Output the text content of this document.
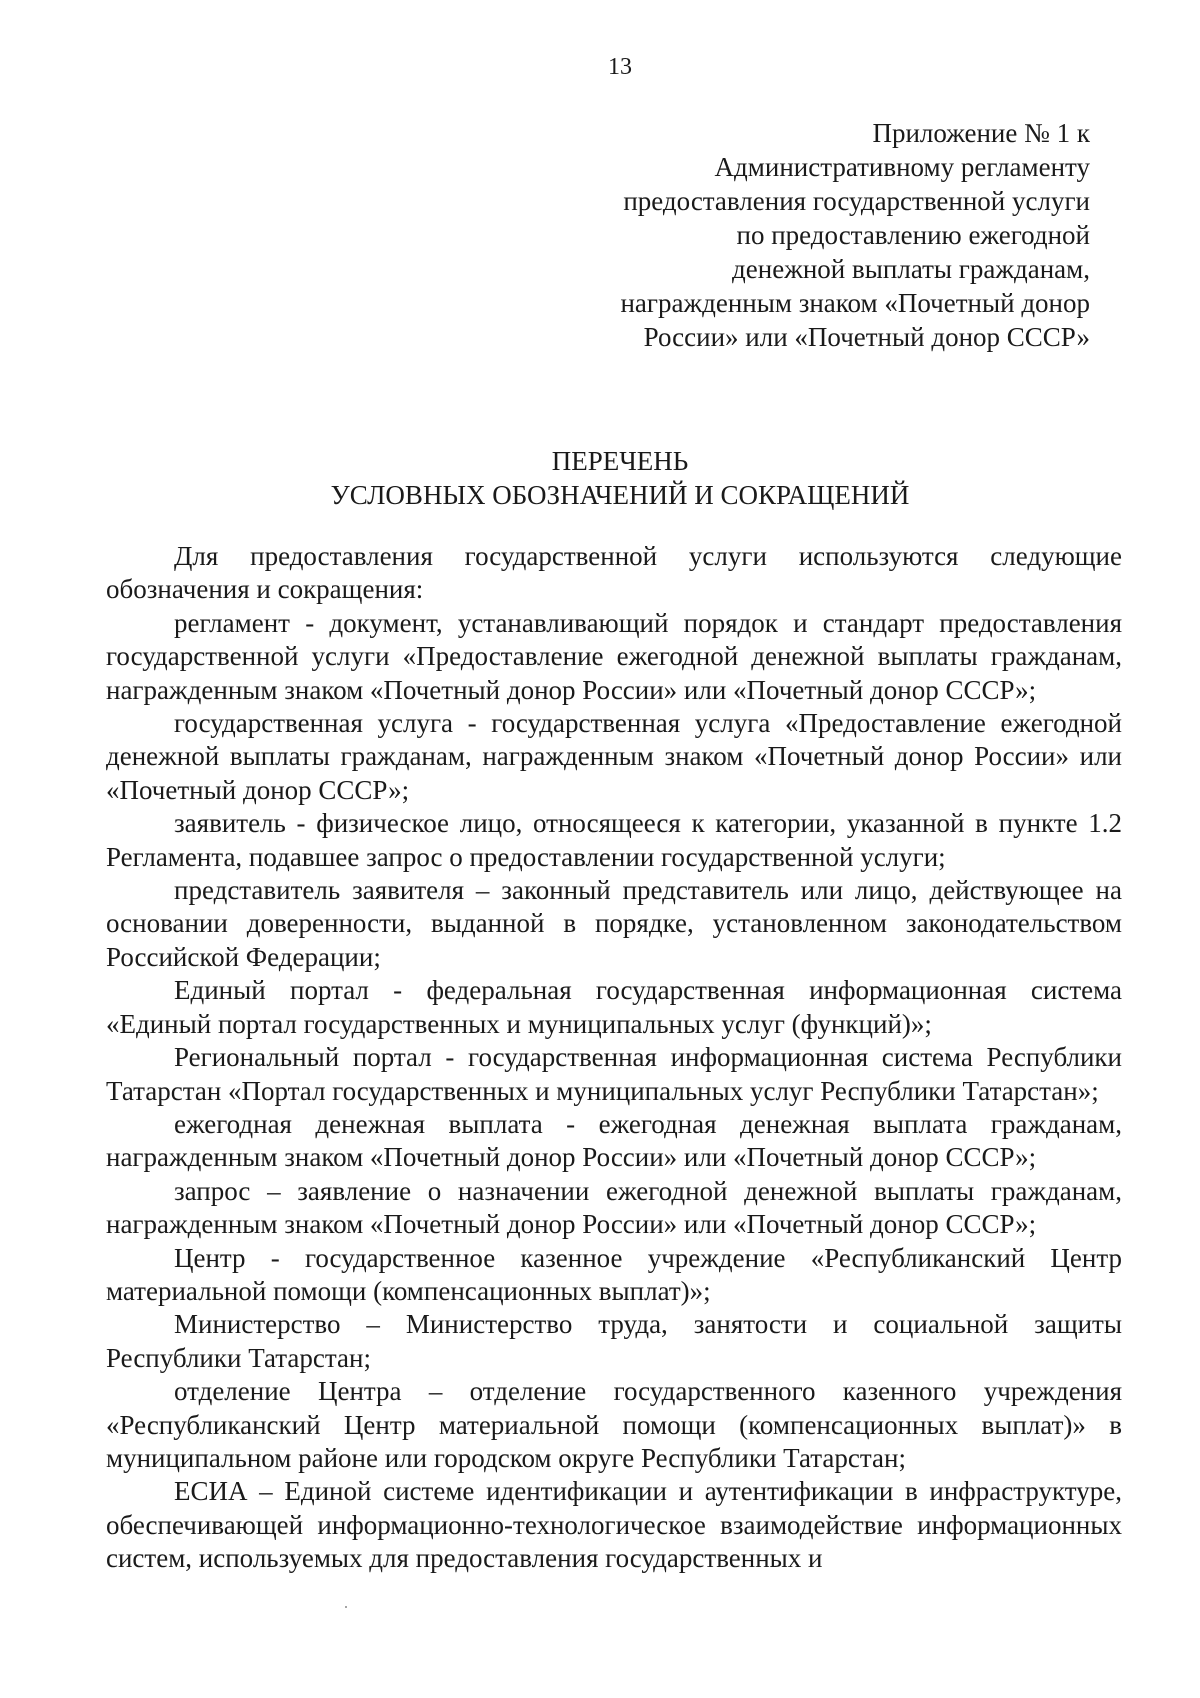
13
Приложение № 1 к
Административному регламенту
предоставления государственной услуги
по предоставлению ежегодной
денежной выплаты гражданам,
награжденным знаком «Почетный донор
России» или «Почетный донор СССР»
ПЕРЕЧЕНЬ
УСЛОВНЫХ ОБОЗНАЧЕНИЙ И СОКРАЩЕНИЙ

Для предоставления государственной услуги используются следующие обозначения и сокращения:

регламент - документ, устанавливающий порядок и стандарт предоставления государственной услуги «Предоставление ежегодной денежной выплаты гражданам, награжденным знаком «Почетный донор России» или «Почетный донор СССР»;

государственная услуга - государственная услуга «Предоставление ежегодной денежной выплаты гражданам, награжденным знаком «Почетный донор России» или «Почетный донор СССР»;

заявитель - физическое лицо, относящееся к категории, указанной в пункте 1.2 Регламента, подавшее запрос о предоставлении государственной услуги;

представитель заявителя – законный представитель или лицо, действующее на основании доверенности, выданной в порядке, установленном законодательством Российской Федерации;

Единый портал - федеральная государственная информационная система «Единый портал государственных и муниципальных услуг (функций)»;

Региональный портал - государственная информационная система Республики Татарстан «Портал государственных и муниципальных услуг Республики Татарстан»;

ежегодная денежная выплата - ежегодная денежная выплата гражданам, награжденным знаком «Почетный донор России» или «Почетный донор СССР»;

запрос – заявление о назначении ежегодной денежной выплаты гражданам, награжденным знаком «Почетный донор России» или «Почетный донор СССР»;

Центр - государственное казенное учреждение «Республиканский Центр материальной помощи (компенсационных выплат)»;

Министерство – Министерство труда, занятости и социальной защиты Республики Татарстан;

отделение Центра – отделение государственного казенного учреждения «Республиканский Центр материальной помощи (компенсационных выплат)» в муниципальном районе или городском округе Республики Татарстан;

ЕСИА – Единой системе идентификации и аутентификации в инфраструктуре, обеспечивающей информационно-технологическое взаимодействие информационных систем, используемых для предоставления государственных и
